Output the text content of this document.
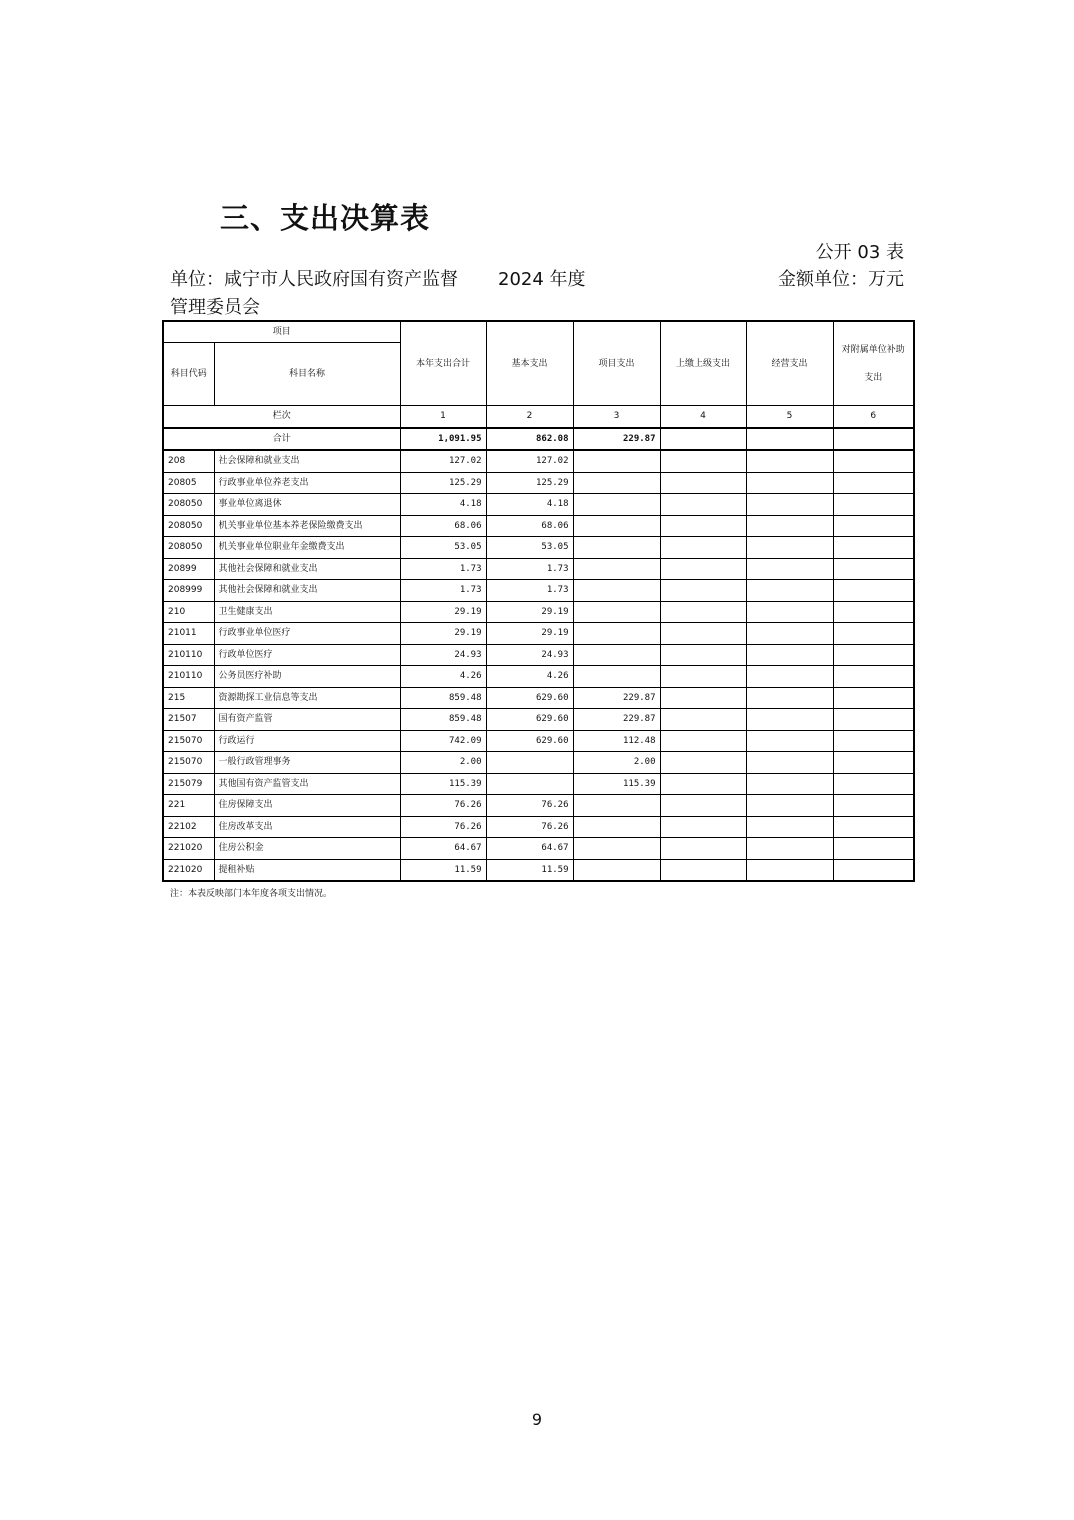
三、支出决算表
公开 03 表
单位：咸宁市人民政府国有资产监督管理委员会
2024 年度	金额单位：万元
项目		本年支出合计	基本支出	项目支出	上缴上级支出	经营支出	对附属单位补助支出
科目代码	科目名称						
栏次		1	2	3	4	5	6
合计		1,091.95	862.08	229.87			
208	社会保障和就业支出	127.02	127.02				
20805	行政事业单位养老支出	125.29	125.29				
208050	事业单位离退休	4.18	4.18				
208050	机关事业单位基本养老保险缴费支出	68.06	68.06				
208050	机关事业单位职业年金缴费支出	53.05	53.05				
20899	其他社会保障和就业支出	1.73	1.73				
208999	其他社会保障和就业支出	1.73	1.73				
210	卫生健康支出	29.19	29.19				
21011	行政事业单位医疗	29.19	29.19				
210110	行政单位医疗	24.93	24.93				
210110	公务员医疗补助	4.26	4.26				
215	资源勘探工业信息等支出	859.48	629.60	229.87			
21507	国有资产监管	859.48	629.60	229.87			
215070	行政运行	742.09	629.60	112.48			
215070	一般行政管理事务	2.00		2.00			
215079	其他国有资产监管支出	115.39		115.39			
221	住房保障支出	76.26	76.26				
22102	住房改革支出	76.26	76.26				
221020	住房公积金	64.67	64.67				
221020	提租补贴	11.59	11.59				
注：本表反映部门本年度各项支出情况。
9
